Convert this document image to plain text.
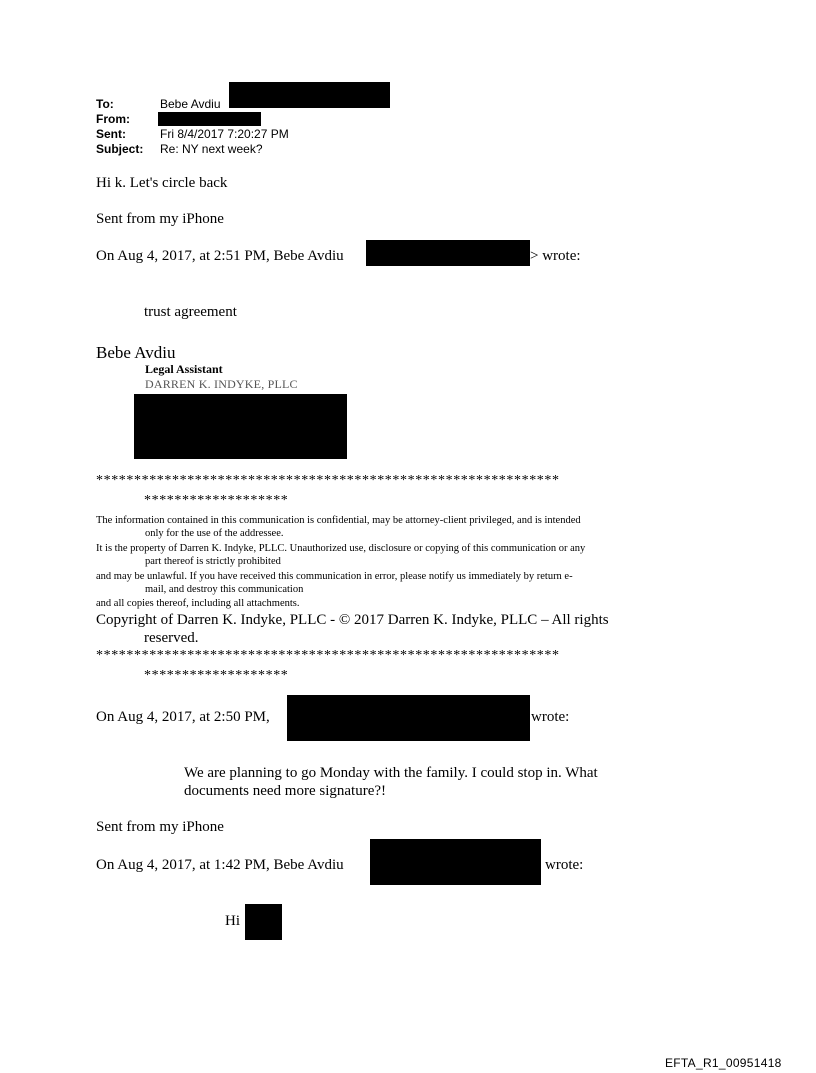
To:	Bebe Avdiu
From:
Sent:	Fri 8/4/2017 7:20:27 PM
Subject: Re: NY next week?
Hi k. Let's circle back
Sent from my iPhone
On Aug 4, 2017, at 2:51 PM, Bebe Avdiu	> wrote:
trust agreement
Bebe Avdiu
Legal Assistant
DARREN K. INDYKE, PLLC
*************************************************************
*******************
The information contained in this communication is confidential, may be attorney-client privileged, and is intended
only for the use of the addressee.
It is the property of Darren K. Indyke, PLLC. Unauthorized use, disclosure or copying of this communication or any
part thereof is strictly prohibited
and may be unlawful. If you have received this communication in error, please notify us immediately by return e-
mail, and destroy this communication
and all copies thereof, including all attachments.
Copyright of Darren K. Indyke, PLLC - © 2017 Darren K. Indyke, PLLC – All rights
reserved.
*************************************************************
*******************
On Aug 4, 2017, at 2:50 PM,	wrote:
We are planning to go Monday with the family. I could stop in. What
documents need more signature?!
Sent from my iPhone
On Aug 4, 2017, at 1:42 PM, Bebe Avdiu	wrote:
Hi
EFTA_R1_00951418
